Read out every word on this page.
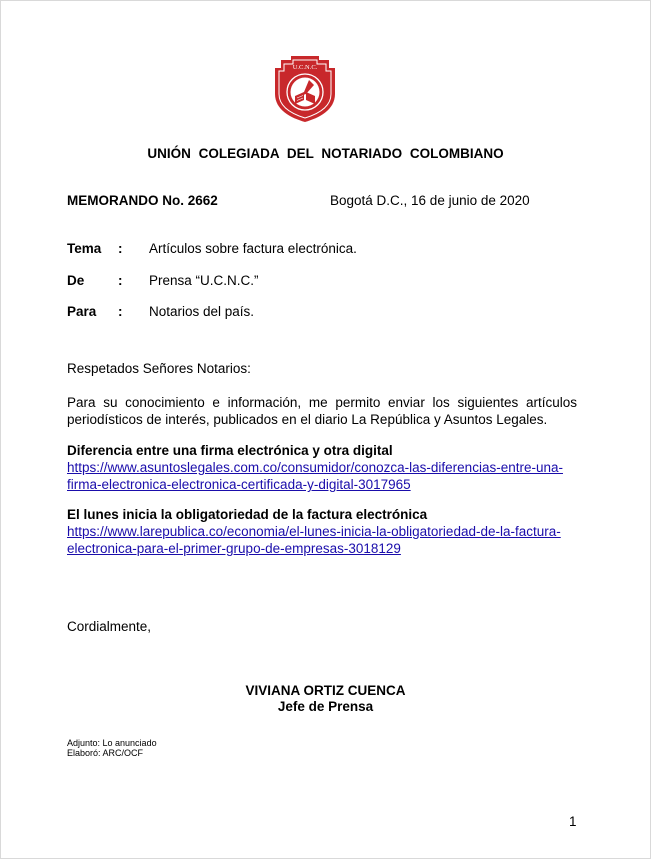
U.C.N.C.
UNIÓN COLEGIADA DEL NOTARIADO COLOMBIANO
MEMORANDO No. 2662	Bogotá D.C., 16 de junio de 2020
Tema : Artículos sobre factura electrónica.
De : Prensa “U.C.N.C.”
Para : Notarios del país.
Respetados Señores Notarios:
Para su conocimiento e información, me permito enviar los siguientes artículos
periodísticos de interés, publicados en el diario La República y Asuntos Legales.
Diferencia entre una firma electrónica y otra digital
https://www.asuntoslegales.com.co/consumidor/conozca-las-diferencias-entre-una-
firma-electronica-electronica-certificada-y-digital-3017965
El lunes inicia la obligatoriedad de la factura electrónica
https://www.larepublica.co/economia/el-lunes-inicia-la-obligatoriedad-de-la-factura-
electronica-para-el-primer-grupo-de-empresas-3018129
Cordialmente,
VIVIANA ORTIZ CUENCA
Jefe de Prensa
Adjunto: Lo anunciado
Elaboró: ARC/OCF
1
